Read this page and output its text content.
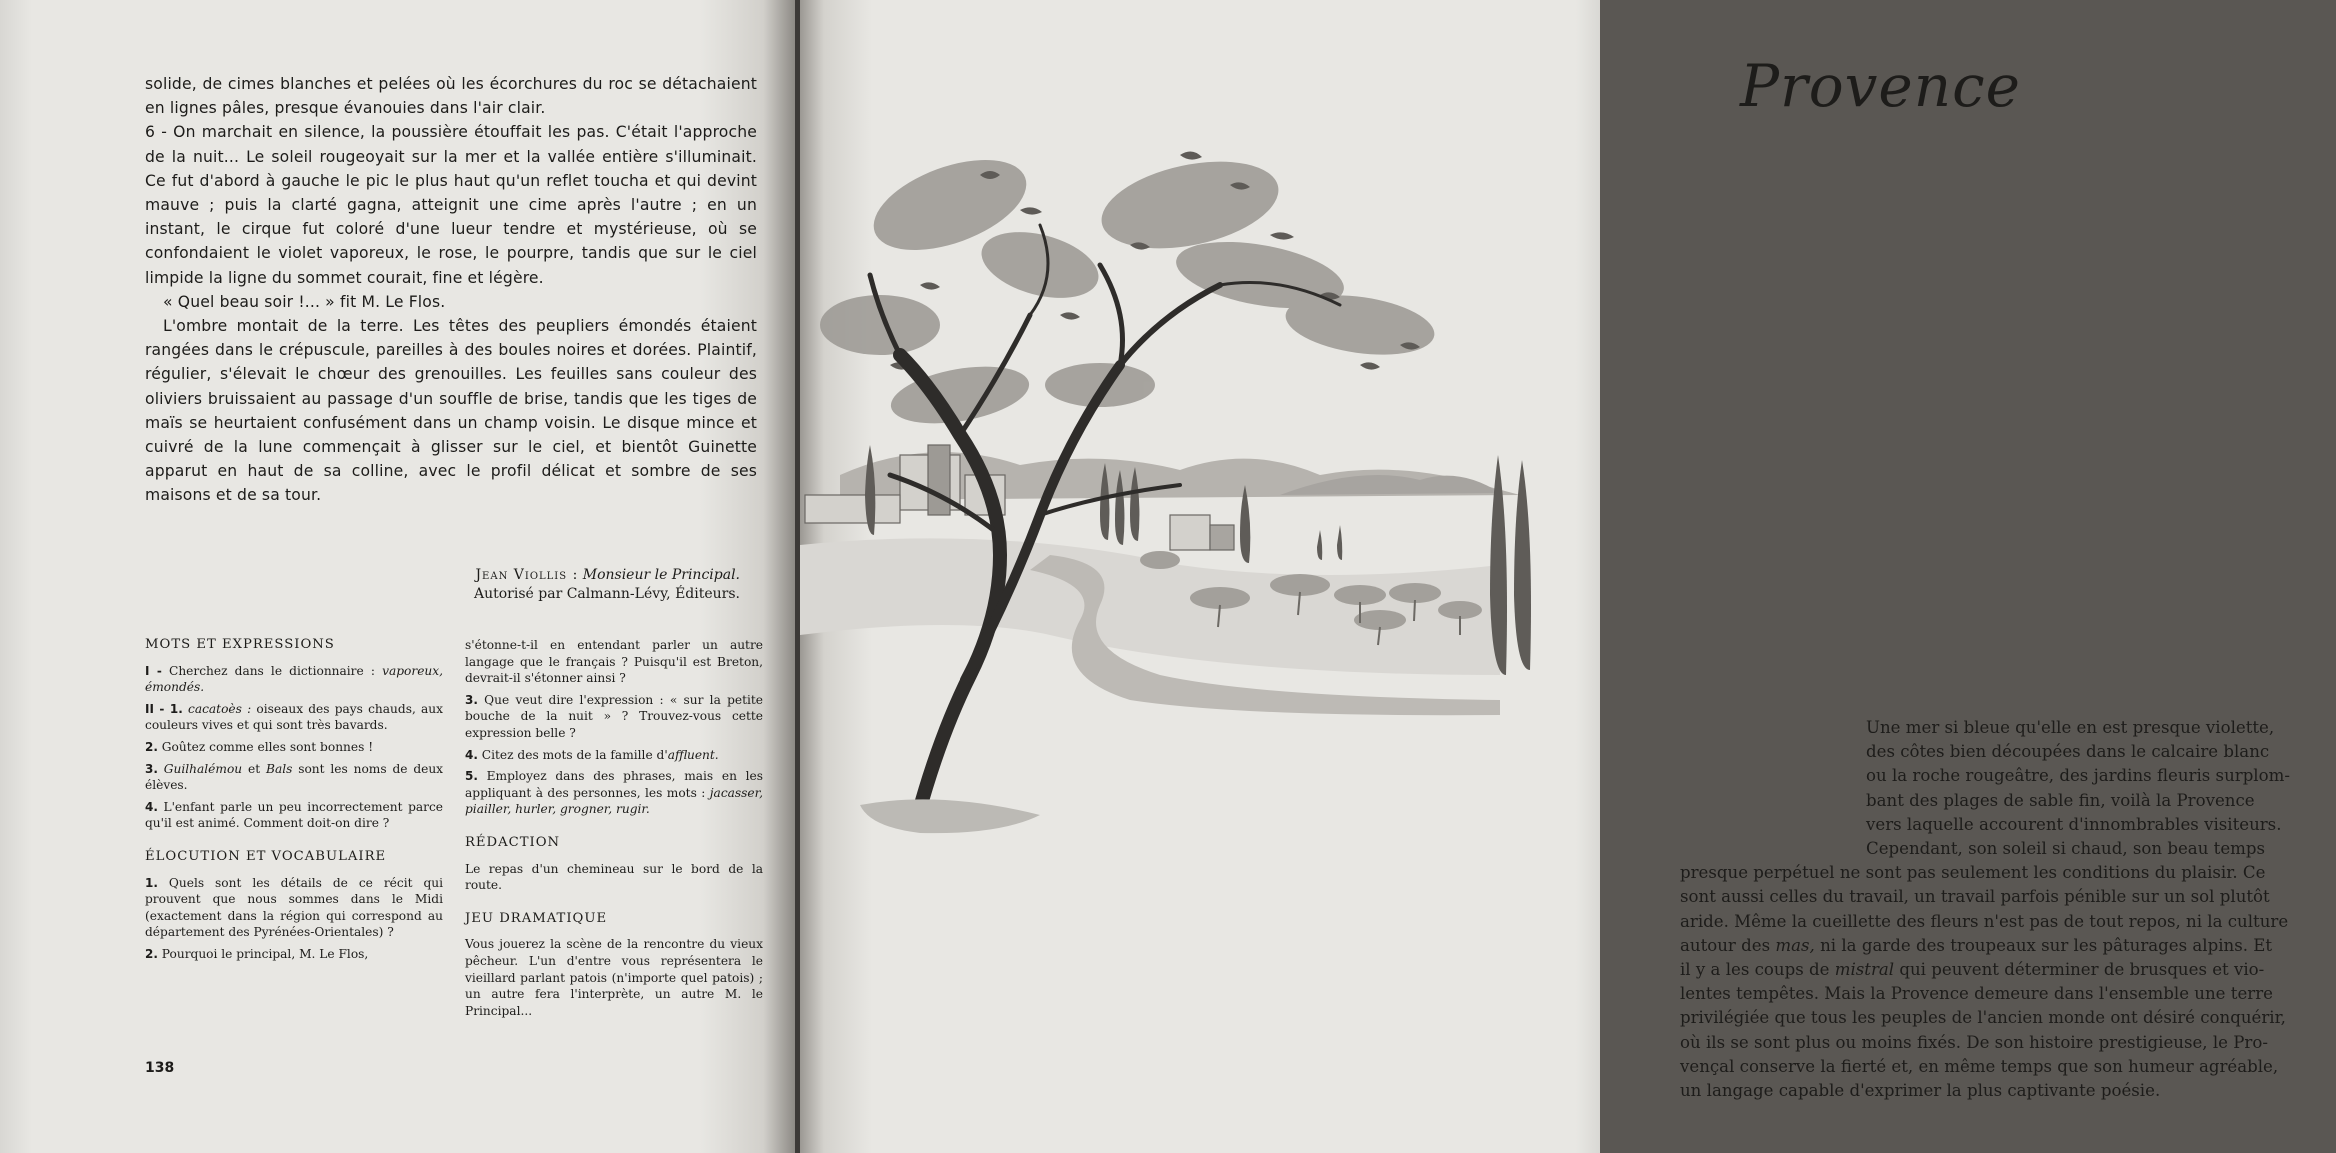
solide, de cimes blanches et pelées où les écorchures du roc se détachaient en lignes pâles, presque évanouies dans l'air clair.

6 - On marchait en silence, la poussière étouffait les pas. C'était l'approche de la nuit... Le soleil rougeoyait sur la mer et la vallée entière s'illuminait. Ce fut d'abord à gauche le pic le plus haut qu'un reflet toucha et qui devint mauve ; puis la clarté gagna, atteignit une cime après l'autre ; en un instant, le cirque fut coloré d'une lueur tendre et mystérieuse, où se confondaient le violet vaporeux, le rose, le pourpre, tandis que sur le ciel limpide la ligne du sommet courait, fine et légère.

« Quel beau soir !... » fit M. Le Flos.

L'ombre montait de la terre. Les têtes des peupliers émondés étaient rangées dans le crépuscule, pareilles à des boules noires et dorées. Plaintif, régulier, s'élevait le chœur des grenouilles. Les feuilles sans couleur des oliviers bruissaient au passage d'un souffle de brise, tandis que les tiges de maïs se heurtaient confusément dans un champ voisin. Le disque mince et cuivré de la lune commençait à glisser sur le ciel, et bientôt Guinette apparut en haut de sa colline, avec le profil délicat et sombre de ses maisons et de sa tour.

Jean Viollis : Monsieur le Principal.
Autorisé par Calmann-Lévy, Éditeurs.
MOTS ET EXPRESSIONS

I - Cherchez dans le dictionnaire : vaporeux, émondés.

II - 1. cacatoès : oiseaux des pays chauds, aux couleurs vives et qui sont très bavards.

2. Goûtez comme elles sont bonnes !

3. Guilhalémou et Bals sont les noms de deux élèves.

4. L'enfant parle un peu incorrectement parce qu'il est animé. Comment doit-on dire ?

ÉLOCUTION ET VOCABULAIRE

1. Quels sont les détails de ce récit qui prouvent que nous sommes dans le Midi (exactement dans la région qui correspond au département des Pyrénées-Orientales) ?

2. Pourquoi le principal, M. Le Flos,

s'étonne-t-il en entendant parler un autre langage que le français ? Puisqu'il est Breton, devrait-il s'étonner ainsi ?

3. Que veut dire l'expression : « sur la petite bouche de la nuit » ? Trouvez-vous cette expression belle ?

4. Citez des mots de la famille d'affluent.

5. Employez dans des phrases, mais en les appliquant à des personnes, les mots : jacasser, piailler, hurler, grogner, rugir.

RÉDACTION

Le repas d'un chemineau sur le bord de la route.

JEU DRAMATIQUE

Vous jouerez la scène de la rencontre du vieux pêcheur. L'un d'entre vous représentera le vieillard parlant patois (n'importe quel patois) ; un autre fera l'interprète, un autre M. le Principal...

138
Provence
Une mer si bleue qu'elle en est presque violette,
des côtes bien découpées dans le calcaire blanc
ou la roche rougeâtre, des jardins fleuris surplom-
bant des plages de sable fin, voilà la Provence
vers laquelle accourent d'innombrables visiteurs.
Cependant, son soleil si chaud, son beau temps
presque perpétuel ne sont pas seulement les conditions du plaisir. Ce
sont aussi celles du travail, un travail parfois pénible sur un sol plutôt
aride. Même la cueillette des fleurs n'est pas de tout repos, ni la culture
autour des mas, ni la garde des troupeaux sur les pâturages alpins. Et
il y a les coups de mistral qui peuvent déterminer de brusques et vio-
lentes tempêtes. Mais la Provence demeure dans l'ensemble une terre
privilégiée que tous les peuples de l'ancien monde ont désiré conquérir,
où ils se sont plus ou moins fixés. De son histoire prestigieuse, le Pro-
vençal conserve la fierté et, en même temps que son humeur agréable,
un langage capable d'exprimer la plus captivante poésie.
